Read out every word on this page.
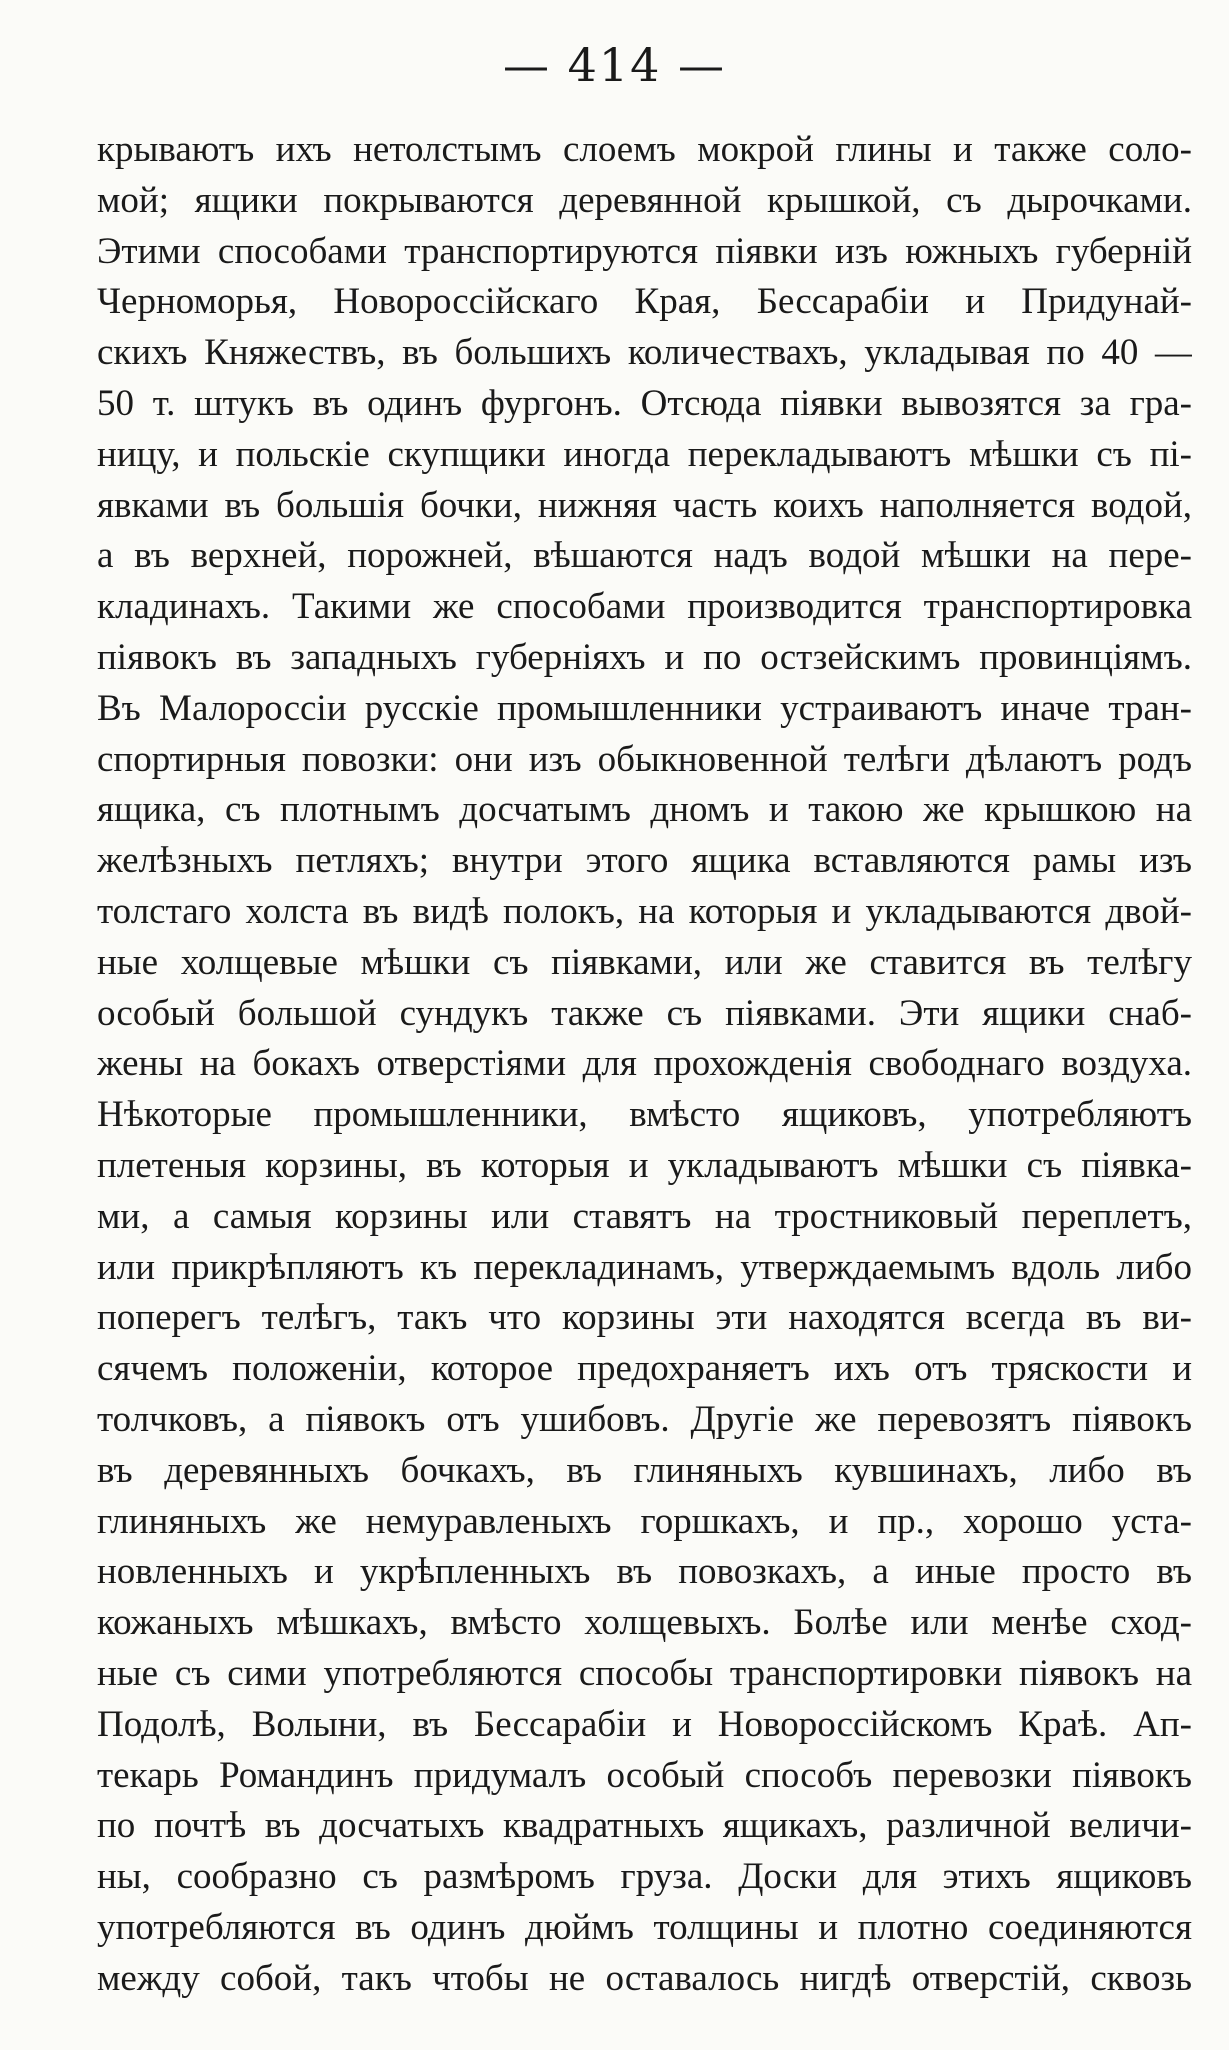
— 414 —
крываютъ ихъ нетолстымъ слоемъ мокрой глины и также соло-
мой; ящики покрываются деревянной крышкой, съ дырочками.
Этими способами транспортируются піявки изъ южныхъ губерній
Черноморья, Новороссійскаго Края, Бессарабіи и Придунай-
скихъ Княжествъ, въ большихъ количествахъ, укладывая по 40 —
50 т. штукъ въ одинъ фургонъ. Отсюда піявки вывозятся за гра-
ницу, и польскіе скупщики иногда перекладываютъ мѣшки съ пі-
явками въ большія бочки, нижняя часть коихъ наполняется водой,
а въ верхней, порожней, вѣшаются надъ водой мѣшки на пере-
кладинахъ. Такими же способами производится транспортировка
піявокъ въ западныхъ губерніяхъ и по остзейскимъ провинціямъ.
Въ Малороссіи русскіе промышленники устраиваютъ иначе тран-
спортирныя повозки: они изъ обыкновенной телѣги дѣлаютъ родъ
ящика, съ плотнымъ досчатымъ дномъ и такою же крышкою на
желѣзныхъ петляхъ; внутри этого ящика вставляются рамы изъ
толстаго холста въ видѣ полокъ, на которыя и укладываются двой-
ные холщевые мѣшки съ піявками, или же ставится въ телѣгу
особый большой сундукъ также съ піявками. Эти ящики снаб-
жены на бокахъ отверстіями для прохожденія свободнаго воздуха.
Нѣкоторые промышленники, вмѣсто ящиковъ, употребляютъ
плетеныя корзины, въ которыя и укладываютъ мѣшки съ піявка-
ми, а самыя корзины или ставятъ на тростниковый переплетъ,
или прикрѣпляютъ къ перекладинамъ, утверждаемымъ вдоль либо
поперегъ телѣгъ, такъ что корзины эти находятся всегда въ ви-
сячемъ положеніи, которое предохраняетъ ихъ отъ тряскости и
толчковъ, а піявокъ отъ ушибовъ. Другіе же перевозятъ піявокъ
въ деревянныхъ бочкахъ, въ глиняныхъ кувшинахъ, либо въ
глиняныхъ же немуравленыхъ горшкахъ, и пр., хорошо уста-
новленныхъ и укрѣпленныхъ въ повозкахъ, а иные просто въ
кожаныхъ мѣшкахъ, вмѣсто холщевыхъ. Болѣе или менѣе сход-
ные съ сими употребляются способы транспортировки піявокъ на
Подолѣ, Волыни, въ Бессарабіи и Новороссійскомъ Краѣ. Ап-
текарь Романдинъ придумалъ особый способъ перевозки піявокъ
по почтѣ въ досчатыхъ квадратныхъ ящикахъ, различной величи-
ны, сообразно съ размѣромъ груза. Доски для этихъ ящиковъ
употребляются въ одинъ дюймъ толщины и плотно соединяются
между собой, такъ чтобы не оставалось нигдѣ отверстій, сквозь
